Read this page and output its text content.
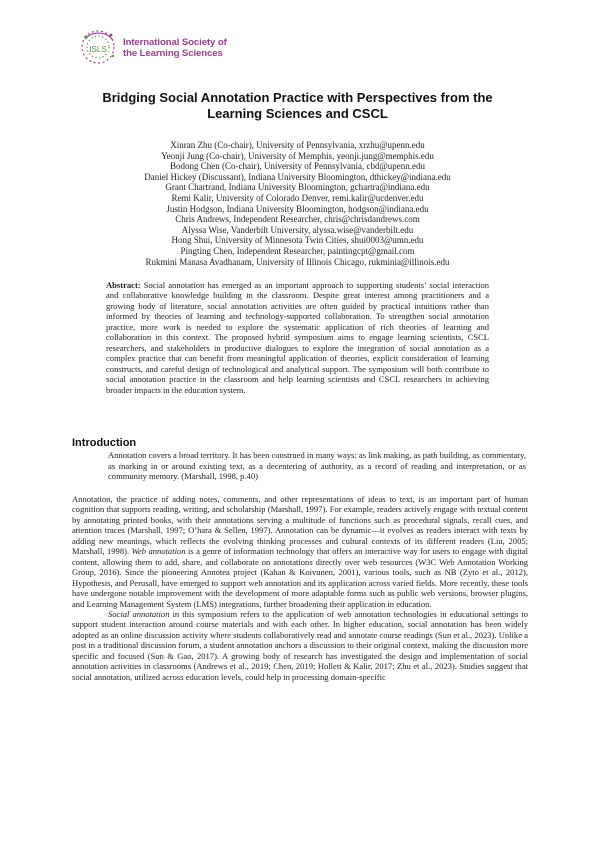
ISLS
International Society of
the Learning Sciences
Bridging Social Annotation Practice with Perspectives from the
Learning Sciences and CSCL
Xinran Zhu (Co-chair), University of Pennsylvania, xrzhu@upenn.edu
Yeonji Jung (Co-chair), University of Memphis, yeonji.jung@memphis.edu
Bodong Chen (Co-chair), University of Pennsylvania, cbd@upenn.edu
Daniel Hickey (Discussant), Indiana University Bloomington, dthickey@indiana.edu
Grant Chartrand, Indiana University Bloomington, gchartra@indiana.edu
Remi Kalir, University of Colorado Denver, remi.kalir@ucdenver.edu
Justin Hodgson, Indiana University Bloomington, hodgson@indiana.edu
Chris Andrews, Independent Researcher, chris@chrisdandrews.com
Alyssa Wise, Vanderbilt University, alyssa.wise@vanderbilt.edu
Hong Shui, University of Minnesota Twin Cities, shui0003@umn.edu
Pingting Chen, Independent Researcher, paintingcpt@gmail.com
Rukmini Manasa Avadhanam, University of Illinois Chicago, rukminia@illinois.edu

Abstract: Social annotation has emerged as an important approach to supporting students’ social interaction and collaborative knowledge building in the classroom. Despite great interest among practitioners and a growing body of literature, social annotation activities are often guided by practical intuitions rather than informed by theories of learning and technology-supported collaboration. To strengthen social annotation practice, more work is needed to explore the systematic application of rich theories of learning and collaboration in this context. The proposed hybrid symposium aims to engage learning scientists, CSCL researchers, and stakeholders in productive dialogues to explore the integration of social annotation as a complex practice that can benefit from meaningful application of theories, explicit consideration of learning constructs, and careful design of technological and analytical support. The symposium will both contribute to social annotation practice in the classroom and help learning scientists and CSCL researchers in achieving broader impacts in the education system.

Introduction

Annotation covers a broad territory. It has been construed in many ways: as link making, as path building, as commentary, as marking in or around existing text, as a decentering of authority, as a record of reading and interpretation, or as community memory. (Marshall, 1998, p.40)

Annotation, the practice of adding notes, comments, and other representations of ideas to text, is an important part of human cognition that supports reading, writing, and scholarship (Marshall, 1997). For example, readers actively engage with textual content by annotating printed books, with their annotations serving a multitude of functions such as procedural signals, recall cues, and attention traces (Marshall, 1997; O’hara & Sellen, 1997). Annotation can be dynamic—it evolves as readers interact with texts by adding new meanings, which reflects the evolving thinking processes and cultural contexts of its different readers (Liu, 2005; Marshall, 1998). Web annotation is a genre of information technology that offers an interactive way for users to engage with digital content, allowing them to add, share, and collaborate on annotations directly over web resources (W3C Web Annotation Working Group, 2016). Since the pioneering Annotea project (Kahan & Koivunen, 2001), various tools, such as NB (Zyto et al., 2012), Hypothesis, and Perusall, have emerged to support web annotation and its application across varied fields. More recently, these tools have undergone notable improvement with the development of more adaptable forms such as public web versions, browser plugins, and Learning Management System (LMS) integrations, further broadening their application in education.

Social annotation in this symposium refers to the application of web annotation technologies in educational settings to support student interaction around course materials and with each other. In higher education, social annotation has been widely adopted as an online discussion activity where students collaboratively read and annotate course readings (Sun et al., 2023). Unlike a post in a traditional discussion forum, a student annotation anchors a discussion to their original context, making the discussion more specific and focused (Sun & Gao, 2017). A growing body of research has investigated the design and implementation of social annotation activities in classrooms (Andrews et al., 2019; Chen, 2019; Hollett & Kalir, 2017; Zhu et al., 2023). Studies suggest that social annotation, utilized across education levels, could help in processing domain-specific
